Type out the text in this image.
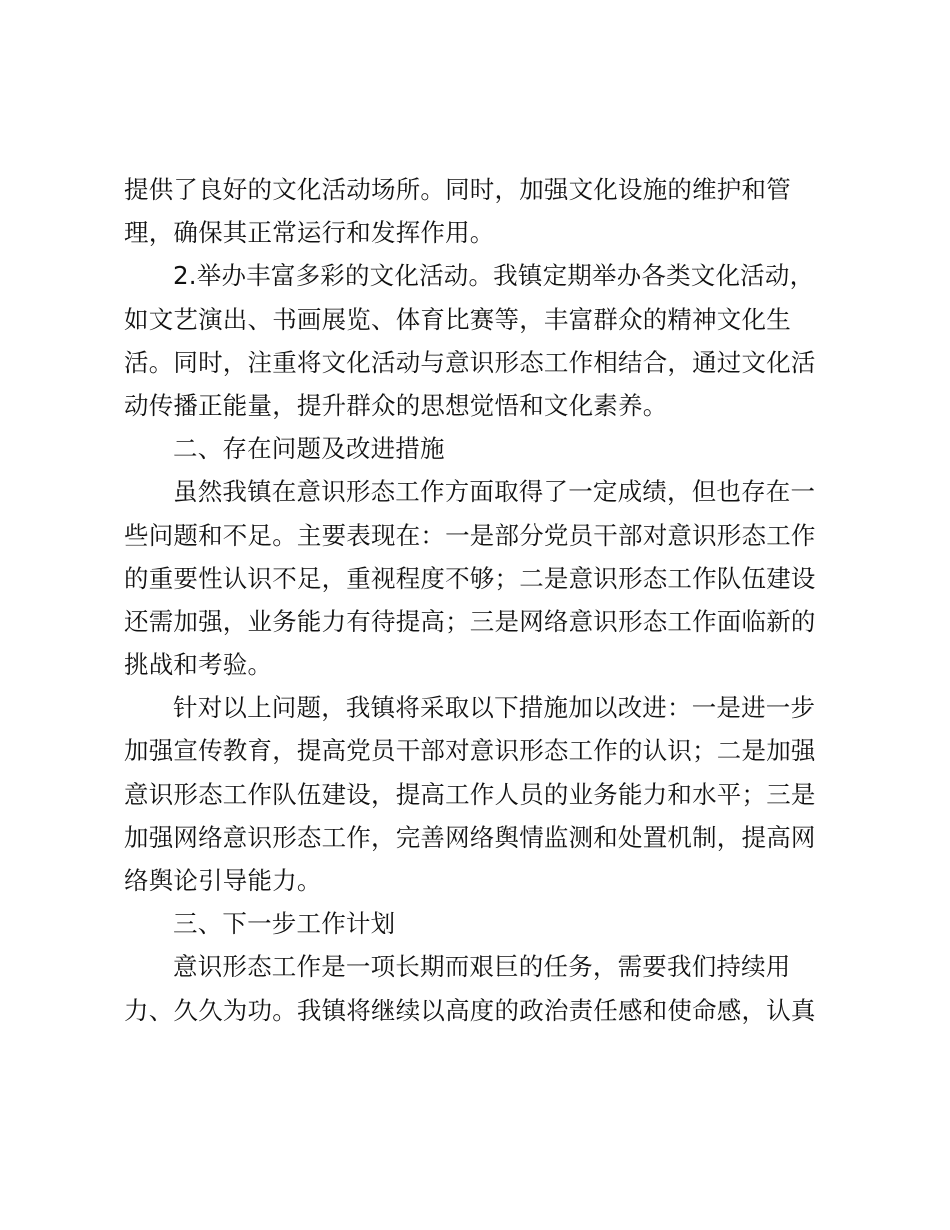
提供了良好的文化活动场所。同时，加强文化设施的维护和管
理，确保其正常运行和发挥作用。
2.举办丰富多彩的文化活动。我镇定期举办各类文化活动，
如文艺演出、书画展览、体育比赛等，丰富群众的精神文化生
活。同时，注重将文化活动与意识形态工作相结合，通过文化活
动传播正能量，提升群众的思想觉悟和文化素养。
二、存在问题及改进措施
虽然我镇在意识形态工作方面取得了一定成绩，但也存在一
些问题和不足。主要表现在：一是部分党员干部对意识形态工作
的重要性认识不足，重视程度不够；二是意识形态工作队伍建设
还需加强，业务能力有待提高；三是网络意识形态工作面临新的
挑战和考验。
针对以上问题，我镇将采取以下措施加以改进：一是进一步
加强宣传教育，提高党员干部对意识形态工作的认识；二是加强
意识形态工作队伍建设，提高工作人员的业务能力和水平；三是
加强网络意识形态工作，完善网络舆情监测和处置机制，提高网
络舆论引导能力。
三、下一步工作计划
意识形态工作是一项长期而艰巨的任务，需要我们持续用
力、久久为功。我镇将继续以高度的政治责任感和使命感，认真
